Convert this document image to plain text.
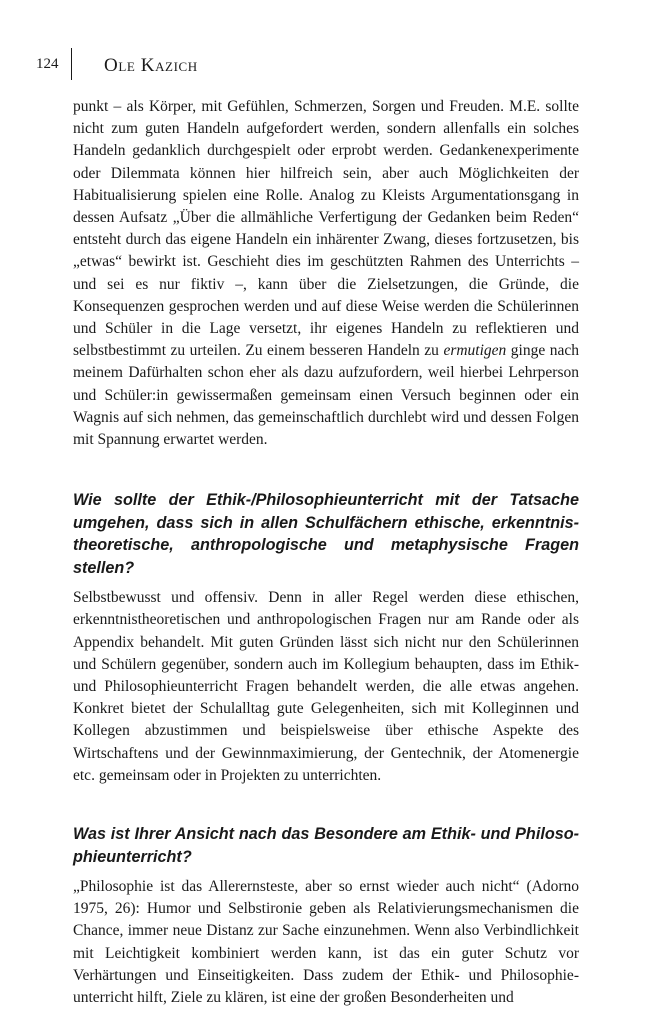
124 Ole Kazich

punkt – als Körper, mit Gefühlen, Schmerzen, Sorgen und Freuden. M.E. sollte nicht zum guten Handeln aufgefordert werden, sondern allenfalls ein solches Handeln gedanklich durchgespielt oder erprobt werden. Gedankenexperimente oder Dilemmata können hier hilfreich sein, aber auch Möglichkeiten der Habitualisierung spielen eine Rolle. Analog zu Kleists Argumentationsgang in dessen Aufsatz „Über die allmähliche Verfertigung der Gedanken beim Reden“ entsteht durch das eigene Handeln ein inhärenter Zwang, dieses fortzusetzen, bis „etwas“ bewirkt ist. Geschieht dies im geschützten Rahmen des Unterrichts – und sei es nur fiktiv –, kann über die Zielsetzungen, die Gründe, die Konsequenzen gesprochen werden und auf diese Weise werden die Schülerinnen und Schüler in die Lage versetzt, ihr eigenes Handeln zu reflektieren und selbstbestimmt zu urteilen. Zu einem besseren Handeln zu ermutigen ginge nach meinem Dafürhalten schon eher als dazu aufzufordern, weil hierbei Lehrperson und Schüler:in gewissermaßen gemeinsam einen Versuch beginnen oder ein Wagnis auf sich nehmen, das gemeinschaftlich durchlebt wird und dessen Folgen mit Spannung erwartet werden.

Wie sollte der Ethik-/Philosophieunterricht mit der Tatsache umgehen, dass sich in allen Schulfächern ethische, erkenntnistheoretische, anthropologische und metaphysische Fragen stellen?

Selbstbewusst und offensiv. Denn in aller Regel werden diese ethischen, erkenntnistheoretischen und anthropologischen Fragen nur am Rande oder als Appendix behandelt. Mit guten Gründen lässt sich nicht nur den Schülerinnen und Schülern gegenüber, sondern auch im Kollegium behaupten, dass im Ethik- und Philosophieunterricht Fragen behandelt werden, die alle etwas angehen. Konkret bietet der Schulalltag gute Gelegenheiten, sich mit Kolleginnen und Kollegen abzustimmen und beispielsweise über ethische Aspekte des Wirtschaftens und der Gewinnmaximierung, der Gentechnik, der Atomenergie etc. gemeinsam oder in Projekten zu unterrichten.

Was ist Ihrer Ansicht nach das Besondere am Ethik- und Philosophieunterricht?

„Philosophie ist das Allerernsteste, aber so ernst wieder auch nicht“ (Adorno 1975, 26): Humor und Selbstironie geben als Relativierungsmechanismen die Chance, immer neue Distanz zur Sache einzunehmen. Wenn also Verbindlichkeit mit Leichtigkeit kombiniert werden kann, ist das ein guter Schutz vor Verhärtungen und Einseitigkeiten. Dass zudem der Ethik- und Philosophieunterricht hilft, Ziele zu klären, ist eine der großen Besonderheiten und
